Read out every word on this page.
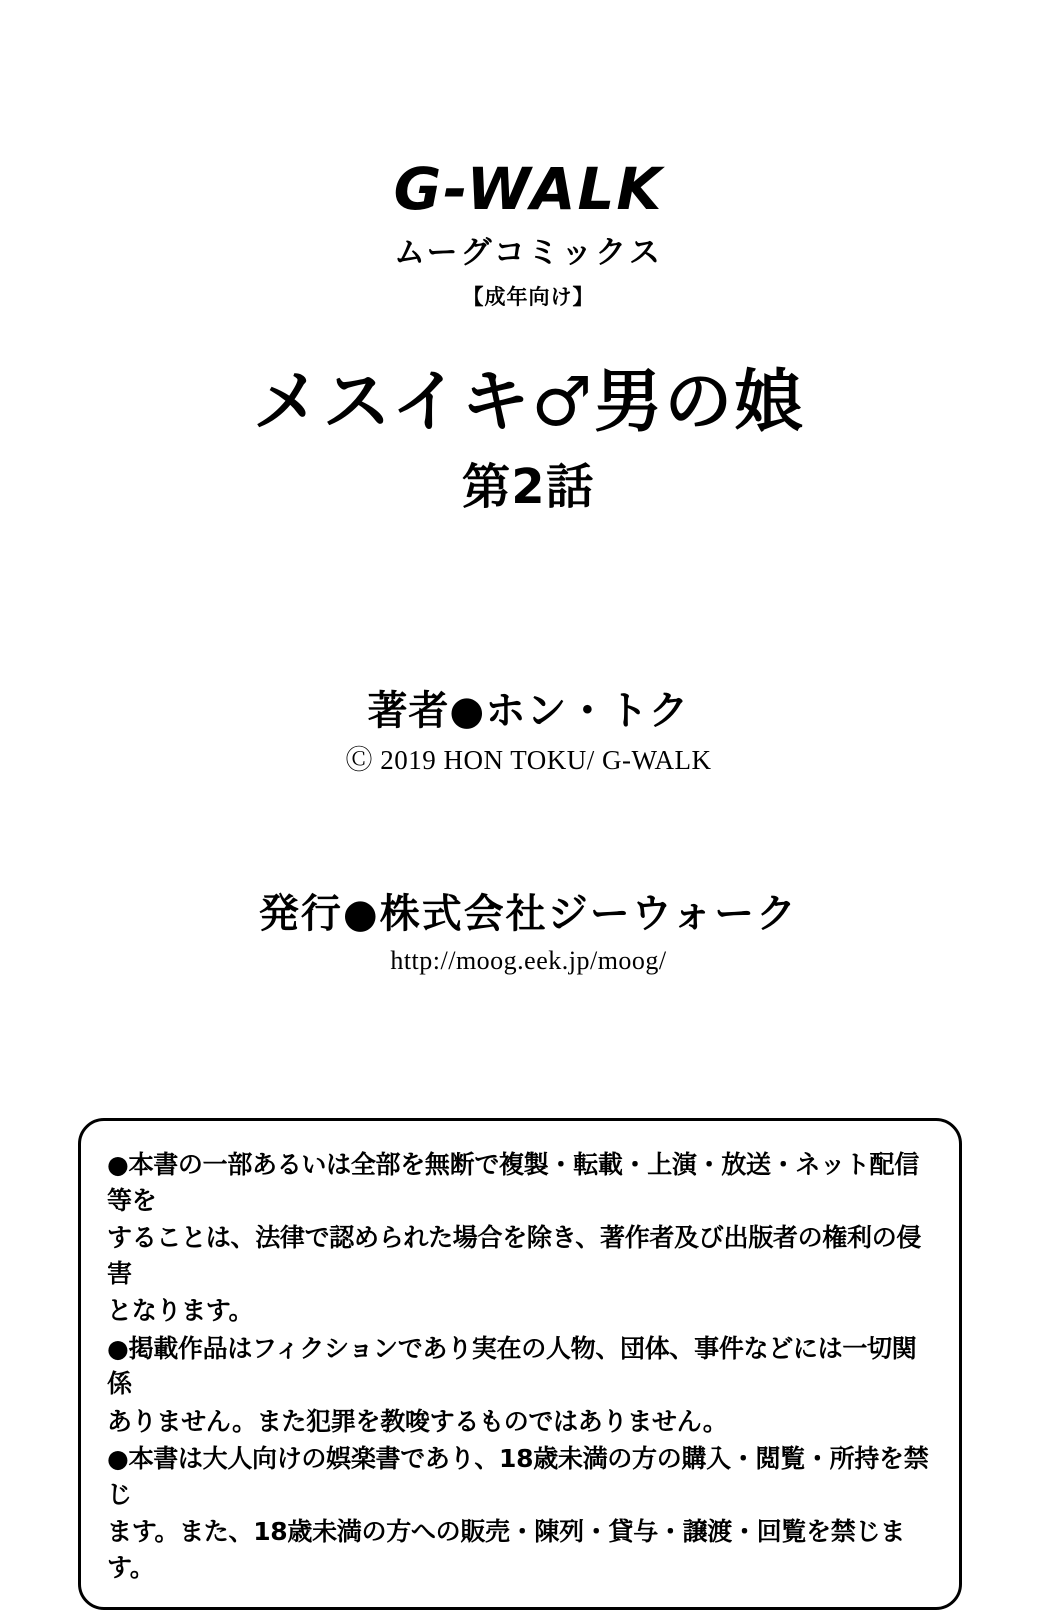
G-WALK
ムーグコミックス
【成年向け】
メスイキ♂男の娘
第2話
著者●ホン・トク
Ⓒ 2019 HON TOKU/ G-WALK
発行●株式会社ジーウォーク
http://moog.eek.jp/moog/

●本書の一部あるいは全部を無断で複製・転載・上演・放送・ネット配信等を

することは、法律で認められた場合を除き、著作者及び出版者の権利の侵害

となります。

●掲載作品はフィクションであり実在の人物、団体、事件などには一切関係

ありません。また犯罪を教唆するものではありません。

●本書は大人向けの娯楽書であり、18歳未満の方の購入・閲覧・所持を禁じ

ます。また、18歳未満の方への販売・陳列・貸与・譲渡・回覧を禁じます。
